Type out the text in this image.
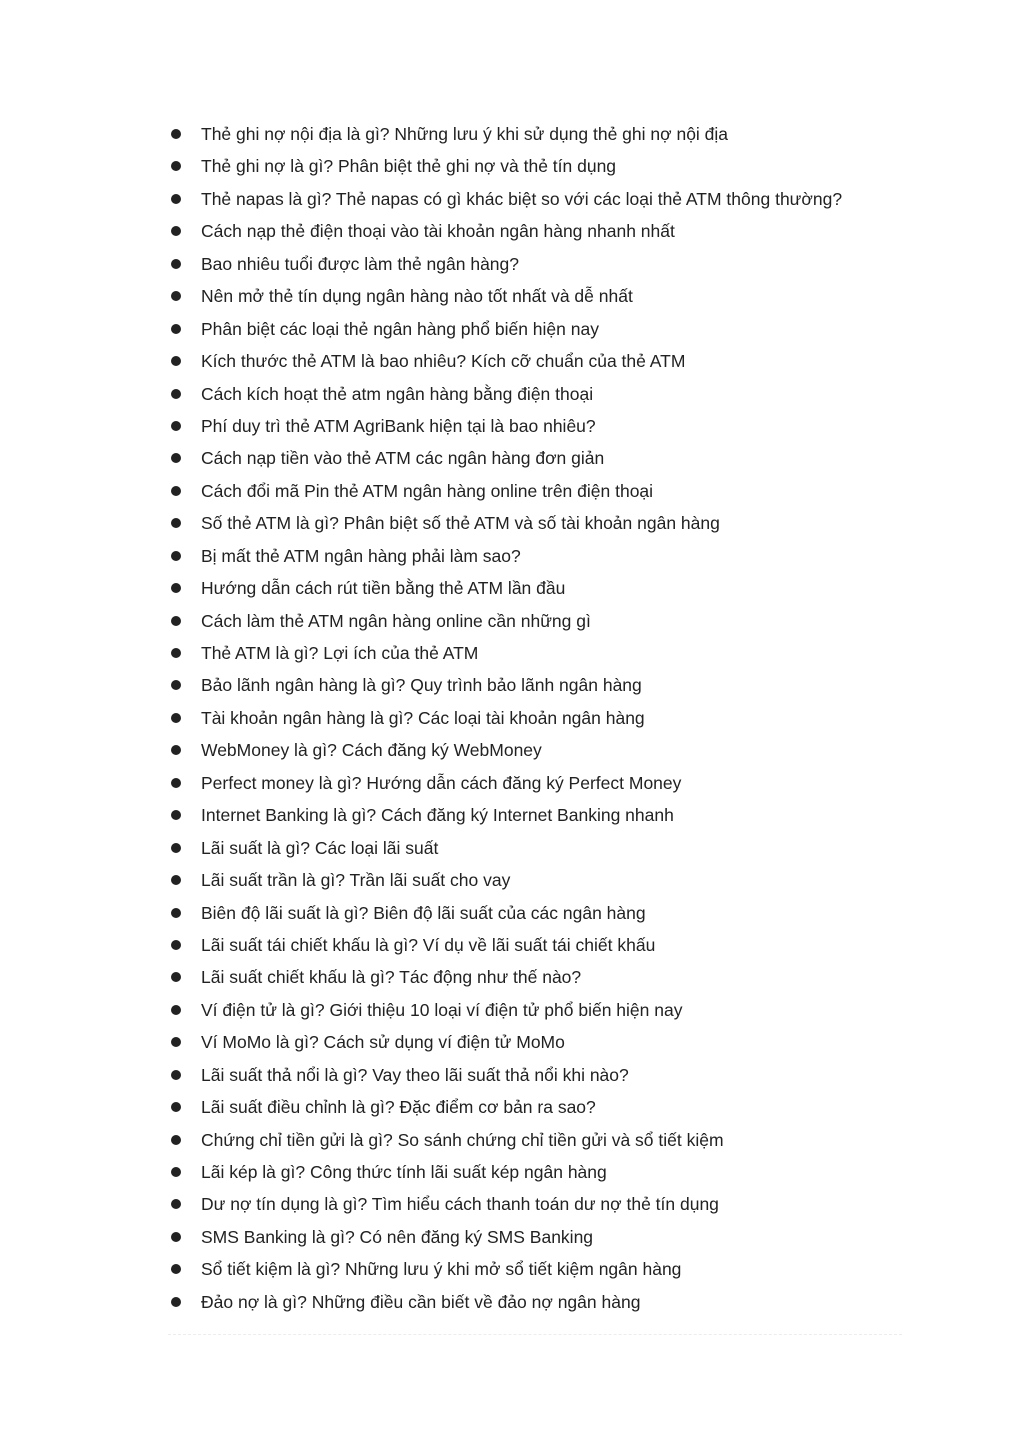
Thẻ ghi nợ nội địa là gì? Những lưu ý khi sử dụng thẻ ghi nợ nội địa
Thẻ ghi nợ là gì? Phân biệt thẻ ghi nợ và thẻ tín dụng
Thẻ napas là gì? Thẻ napas có gì khác biệt so với các loại thẻ ATM thông thường?
Cách nạp thẻ điện thoại vào tài khoản ngân hàng nhanh nhất
Bao nhiêu tuổi được làm thẻ ngân hàng?
Nên mở thẻ tín dụng ngân hàng nào tốt nhất và dễ nhất
Phân biệt các loại thẻ ngân hàng phổ biến hiện nay
Kích thước thẻ ATM là bao nhiêu? Kích cỡ chuẩn của thẻ ATM
Cách kích hoạt thẻ atm ngân hàng bằng điện thoại
Phí duy trì thẻ ATM AgriBank hiện tại là bao nhiêu?
Cách nạp tiền vào thẻ ATM các ngân hàng đơn giản
Cách đổi mã Pin thẻ ATM ngân hàng online trên điện thoại
Số thẻ ATM là gì? Phân biệt số thẻ ATM và số tài khoản ngân hàng
Bị mất thẻ ATM ngân hàng phải làm sao?
Hướng dẫn cách rút tiền bằng thẻ ATM lần đầu
Cách làm thẻ ATM ngân hàng online cần những gì
Thẻ ATM là gì? Lợi ích của thẻ ATM
Bảo lãnh ngân hàng là gì? Quy trình bảo lãnh ngân hàng
Tài khoản ngân hàng là gì? Các loại tài khoản ngân hàng
WebMoney là gì? Cách đăng ký WebMoney
Perfect money là gì? Hướng dẫn cách đăng ký Perfect Money
Internet Banking là gì? Cách đăng ký Internet Banking nhanh
Lãi suất là gì? Các loại lãi suất
Lãi suất trần là gì? Trần lãi suất cho vay
Biên độ lãi suất là gì? Biên độ lãi suất của các ngân hàng
Lãi suất tái chiết khấu là gì? Ví dụ về lãi suất tái chiết khấu
Lãi suất chiết khấu là gì? Tác động như thế nào?
Ví điện tử là gì? Giới thiệu 10 loại ví điện tử phổ biến hiện nay
Ví MoMo là gì? Cách sử dụng ví điện tử MoMo
Lãi suất thả nổi là gì? Vay theo lãi suất thả nổi khi nào?
Lãi suất điều chỉnh là gì? Đặc điểm cơ bản ra sao?
Chứng chỉ tiền gửi là gì? So sánh chứng chỉ tiền gửi và sổ tiết kiệm
Lãi kép là gì? Công thức tính lãi suất kép ngân hàng
Dư nợ tín dụng là gì? Tìm hiểu cách thanh toán dư nợ thẻ tín dụng
SMS Banking là gì? Có nên đăng ký SMS Banking
Sổ tiết kiệm là gì? Những lưu ý khi mở sổ tiết kiệm ngân hàng
Đảo nợ là gì? Những điều cần biết về đảo nợ ngân hàng
